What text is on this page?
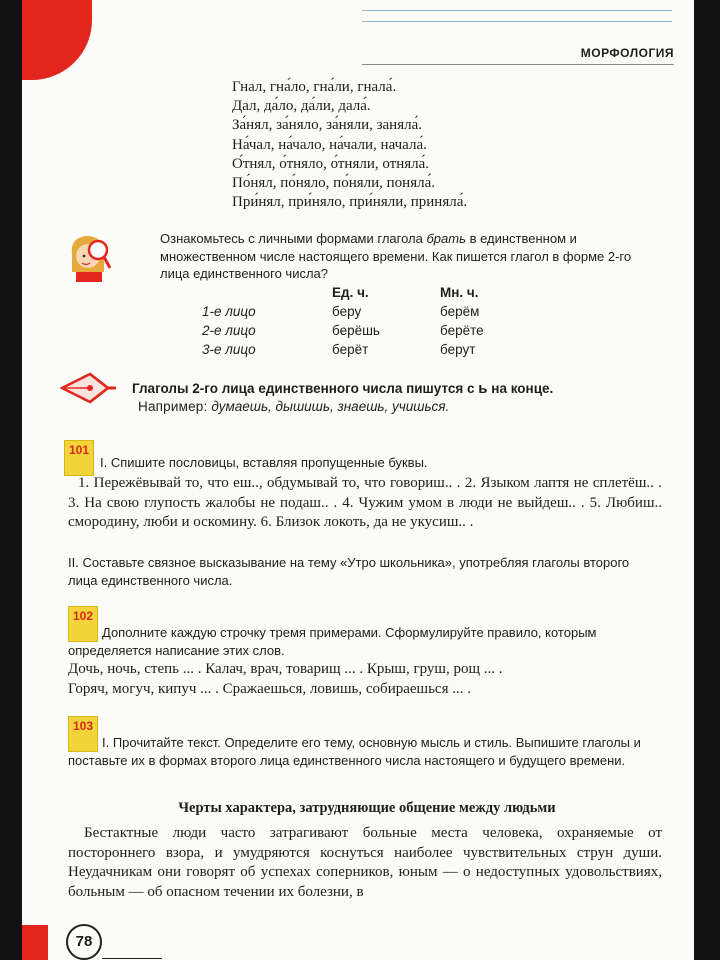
МОРФОЛОГИЯ
Гнал, гна́ло, гна́ли, гнала́.
Дал, да́ло, да́ли, дала́.
За́нял, за́няло, за́няли, заняла́.
На́чал, на́чало, на́чали, начала́.
О́тнял, о́тняло, о́тняли, отняла́.
По́нял, по́няло, по́няли, поняла́.
При́нял, при́няло, при́няли, приняла́.
Ознакомьтесь с личными формами глагола брать в единственном и множественном числе настоящего времени. Как пишется глагол в форме 2-го лица единственного числа?
	Ед. ч.	Мн. ч.
1-е лицо	беру	берём
2-е лицо	берёшь	берёте
3-е лицо	берёт	берут
Глаголы 2-го лица единственного числа пишутся с ь на конце.
Например: думаешь, дышишь, знаешь, учишься.
101
I. Спишите пословицы, вставляя пропущенные буквы.
1. Пережёвывай то, что еш.., обдумывай то, что говориш.. . 2. Языком лаптя не сплетёш.. . 3. На свою глупость жалобы не подаш.. . 4. Чужим умом в люди не выйдеш.. . 5. Любиш.. смородину, люби и оскомину. 6. Близок локоть, да не укусиш.. .
II. Составьте связное высказывание на тему «Утро школьника», употребляя глаголы второго лица единственного числа.
102
Дополните каждую строчку тремя примерами. Сформулируйте правило, которым определяется написание этих слов.
Дочь, ночь, степь ... . Калач, врач, товарищ ... . Крыш, груш, рощ ... .
Горяч, могуч, кипуч ... . Сражаешься, ловишь, собираешься ... .
103
I. Прочитайте текст. Определите его тему, основную мысль и стиль. Выпишите глаголы и поставьте их в формах второго лица единственного числа настоящего и будущего времени.
Черты характера, затрудняющие общение между людьми
Бестактные люди часто затрагивают больные места человека, охраняемые от постороннего взора, и умудряются коснуться наиболее чувствительных струн души. Неудачникам они говорят об успехах соперников, юным — о недоступных удовольствиях, больным — об опасном течении их болезни, в
78
